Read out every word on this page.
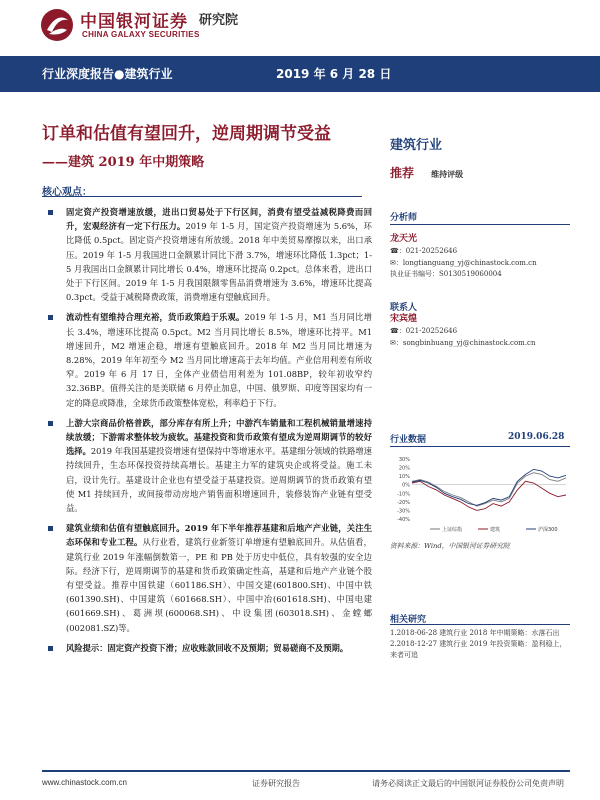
中国银河证券
CHINA GALAXY SECURITIES
研究院
行业深度报告●建筑行业	2019 年 6 月 28 日
订单和估值有望回升，逆周期调节受益 ——建筑 2019 年中期策略
核心观点：
固定资产投资增速放缓，进出口贸易处于下行区间，消费有望受益减税降费而回升，宏观经济有一定下行压力。2019 年 1-5 月，国定资产投资增速为 5.6%，环比降低 0.5pct。固定资产投资增速有所放缓。2018 年中美贸易摩擦以来，出口承压。2019 年 1-5 月我国进口金额累计同比下滑 3.7%，增速环比降低 1.3pct；1-5 月我国出口金额累计同比增长 0.4%，增速环比提高 0.2pct。总体来看，进出口处于下行区间。2019 年 1-5 月我国限额零售品消费增速为 3.6%，增速环比提高 0.3pct。受益于减税降费政策，消费增速有望触底回升。
流动性有望维持合理充裕，货币政策趋于乐观。2019 年 1-5 月，M1 当月同比增长 3.4%，增速环比提高 0.5pct。M2 当月同比增长 8.5%，增速环比持平。M1 增速回升，M2 增速企稳，增速有望触底回升。2018 年 M2 当月同比增速为 8.28%，2019 年年初至今 M2 当月同比增速高于去年均值。产业信用利差有所收窄。2019 年 6 月 17 日，全体产业债信用利差为 101.08BP，较年初收窄约 32.36BP。值得关注的是美联储 6 月停止加息，中国、俄罗斯、印度等国家均有一定的降息或降准，全球货币政策整体宽松，利率趋于下行。
上游大宗商品价格普跌，部分库存有所上升；中游汽车销量和工程机械销量增速持续放缓；下游需求整体较为疲软。基建投资和货币政策有望成为逆周期调节的较好选择。2019 年我国基建投资增速有望保持中等增速水平。基建细分领域的铁路增速持续回升，生态环保投资持续高增长。基建主力军的建筑央企或将受益。施工未启，设计先行。基建设计企业也有望受益于基建投资。逆周期调节的货币政策有望使 M1 持续回升，或间接带动房地产销售面积增速回升，装修装饰产业链有望受益。
建筑业绩和估值有望触底回升。2019 年下半年推荐基建和后地产产业链，关注生态环保和专业工程。从行业看，建筑行业新签订单增速有望触底回升。从估值看，建筑行业 2019 年涨幅倒数第一，PE 和 PB 处于历史中低位，具有较强的安全边际。经济下行，逆周期调节的基建和货币政策确定性高，基建和后地产产业链个股有望受益。推荐中国铁建（601186.SH）、中国交建(601800.SH)、中国中铁(601390.SH)、中国建筑（601668.SH）、中国中冶(601618.SH)、中国电建(601669.SH)、葛洲坝(600068.SH)、中设集团(603018.SH)、金螳螂(002081.SZ)等。
风险提示：固定资产投资下滑；应收账款回收不及预期；贸易磋商不及预期。
建筑行业
推荐 维持评级
分析师
龙天光
☎：021-20252646
✉：longtianguang_yj@chinastock.com.cn
执业证书编号：S0130519060004
联系人
宋宾煌
☎：021-20252646
✉：songbinhuang_yj@chinastock.com.cn
行业数据	2019.06.28
30%
20%
10%
0%
-10%
-20%
-30%
-40%
上证综指	建筑	沪深300
资料来源：Wind，中国银河证券研究院
相关研究
1.2018-06-28 建筑行业 2018 年中期策略：水落石出
2.2018-12-27 建筑行业 2019 年投资策略：盈利稳上，来者可追
www.chinastock.com.cn	证券研究报告	请务必阅读正文最后的中国银河证券股份公司免责声明
